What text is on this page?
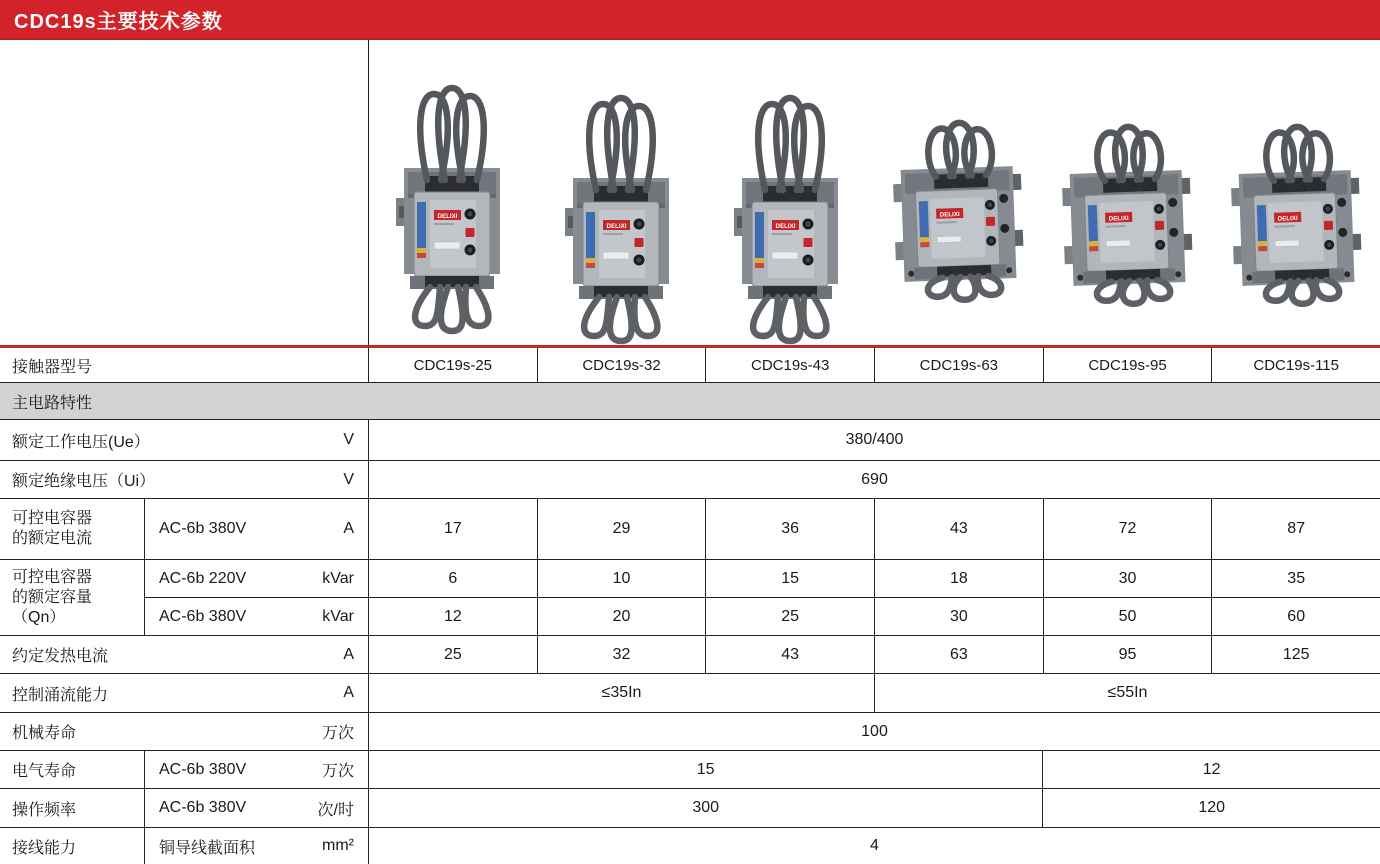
CDC19s主要技术参数
DELIXI
DELIXI	DELIXI
DELIXI
DELIXI	DELIXI
接触器型号	CDC19s-25	CDC19s-32	CDC19s-43	CDC19s-63	CDC19s-95	CDC19s-115
主电路特性
额定工作电压(Ue）	V	380/400
额定绝缘电压（Ui）	V	690
可控电容器
的额定电流
AC-6b 380V	A	17	29	36	43	72	87
可控电容器
的额定容量
（Qn）
AC-6b 220V	kVar	6	10	15	18	30	35
AC-6b 380V	kVar	12	20	25	30	50	60
约定发热电流	A	25	32	43	63	95	125
控制涌流能力	A	≤35In	≤55In
机械寿命	万次	100
电气寿命	AC-6b 380V	万次	15	12
操作频率	AC-6b 380V	次/时	300	120
接线能力	铜导线截面积	mm²	4
